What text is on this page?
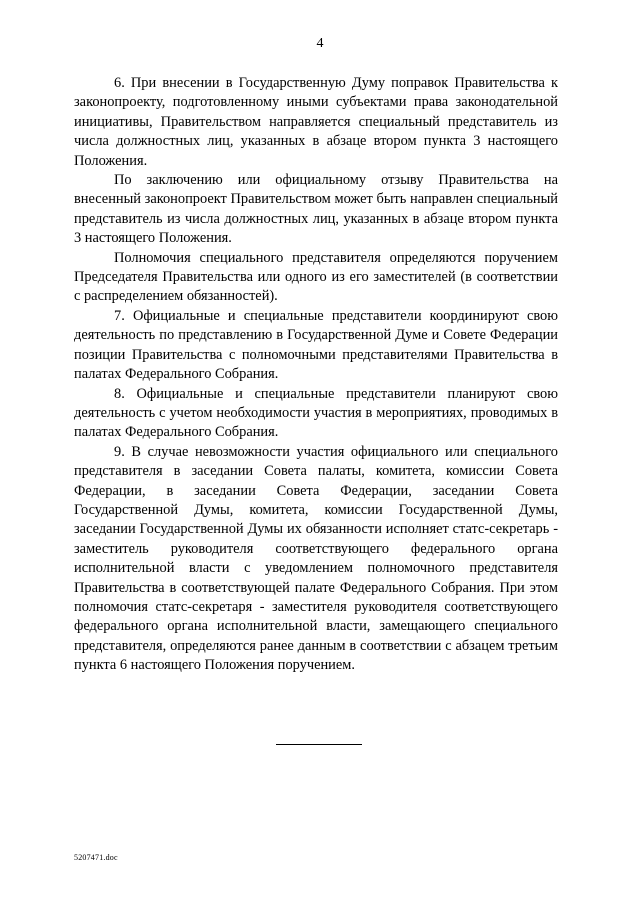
4

6. При внесении в Государственную Думу поправок Правительства к законопроекту, подготовленному иными субъектами права законодательной инициативы, Правительством направляется специальный представитель из числа должностных лиц, указанных в абзаце втором пункта 3 настоящего Положения.

По заключению или официальному отзыву Правительства на внесенный законопроект Правительством может быть направлен специальный представитель из числа должностных лиц, указанных в абзаце втором пункта 3 настоящего Положения.

Полномочия специального представителя определяются поручением Председателя Правительства или одного из его заместителей (в соответствии с распределением обязанностей).

7. Официальные и специальные представители координируют свою деятельность по представлению в Государственной Думе и Совете Федерации позиции Правительства с полномочными представителями Правительства в палатах Федерального Собрания.

8. Официальные и специальные представители планируют свою деятельность с учетом необходимости участия в мероприятиях, проводимых в палатах Федерального Собрания.

9. В случае невозможности участия официального или специального представителя в заседании Совета палаты, комитета, комиссии Совета Федерации, в заседании Совета Федерации, заседании Совета Государственной Думы, комитета, комиссии Государственной Думы, заседании Государственной Думы их обязанности исполняет статс-секретарь - заместитель руководителя соответствующего федерального органа исполнительной власти с уведомлением полномочного представителя Правительства в соответствующей палате Федерального Собрания. При этом полномочия статс-секретаря - заместителя руководителя соответствующего федерального органа исполнительной власти, замещающего специального представителя, определяются ранее данным в соответствии с абзацем третьим пункта 6 настоящего Положения поручением.

5207471.doc
